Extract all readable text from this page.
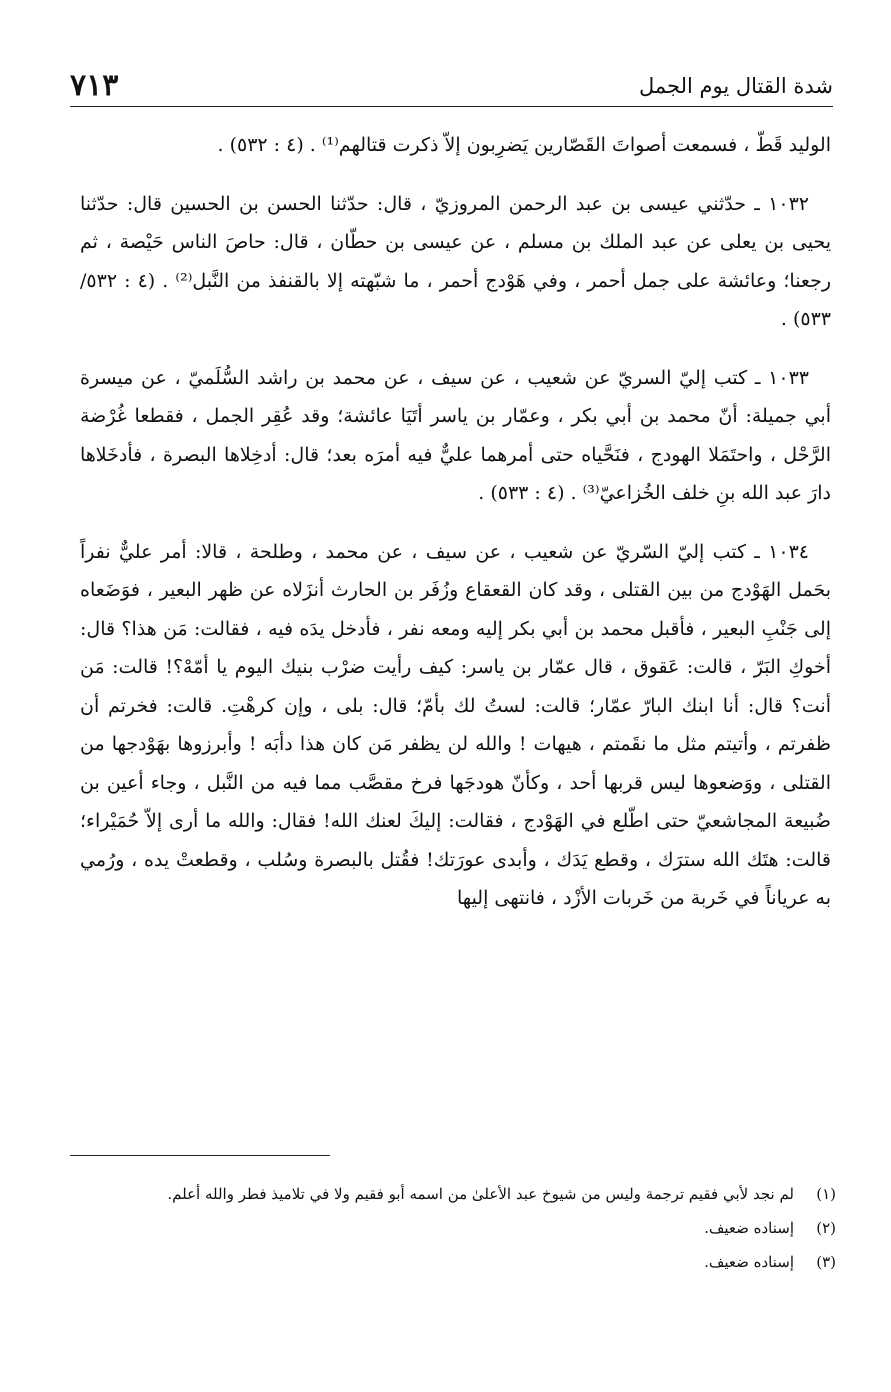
شدة القتال يوم الجمل
٧١٣

الوليد قَطّ ، فسمعت أصواتَ القَصّارين يَضرِبون إلاّ ذكرت قتالهم⁽¹⁾ . (٤ : ٥٣٢) .

١٠٣٢ ـ حدّثني عيسى بن عبد الرحمن المروزيّ ، قال: حدّثنا الحسن بن الحسين قال: حدّثنا يحيى بن يعلى عن عبد الملك بن مسلم ، عن عيسى بن حطّان ، قال: حاصَ الناس حَيْصة ، ثم رجعنا؛ وعائشة على جمل أحمر ، وفي هَوْدج أحمر ، ما شبّهته إلا بالقنفذ من النَّبل⁽²⁾ . (٤ : ٥٣٢/ ٥٣٣) .

١٠٣٣ ـ كتب إليّ السريّ عن شعيب ، عن سيف ، عن محمد بن راشد السُّلَميّ ، عن ميسرة أبي جميلة: أنّ محمد بن أبي بكر ، وعمّار بن ياسر أتَيَا عائشة؛ وقد عُقِر الجمل ، فقطعا غُرْضة الرَّحْل ، واحتَمَلا الهودج ، فنَحَّياه حتى أمرهما عليٌّ فيه أمرَه بعد؛ قال: أدخِلاها البصرة ، فأدخَلاها دارَ عبد الله بنِ خلف الخُزاعيّ⁽³⁾ . (٤ : ٥٣٣) .

١٠٣٤ ـ كتب إليّ السّريّ عن شعيب ، عن سيف ، عن محمد ، وطلحة ، قالا: أمر عليٌّ نفراً بحَمل الهَوْدج من بين القتلى ، وقد كان القعقاع وزُفَر بن الحارث أنزَلاه عن ظهر البعير ، فوَضَعاه إلى جَنْبِ البعير ، فأقبل محمد بن أبي بكر إليه ومعه نفر ، فأدخل يدَه فيه ، فقالت: مَن هذا؟ قال: أخوكِ البَرّ ، قالت: عَقوق ، قال عمّار بن ياسر: كيف رأيت ضرْب بنيك اليوم يا أمّهْ؟! قالت: مَن أنت؟ قال: أنا ابنك البارّ عمّار؛ قالت: لستُ لك بأمّ؛ قال: بلى ، وإن كرهْتِ. قالت: فخرتم أن ظفرتم ، وأتيتم مثل ما نقَمتم ، هيهات ! والله لن يظفر مَن كان هذا دأبَه ! وأبرزوها بهَوْدجها من القتلى ، ووَضعوها ليس قربها أحد ، وكأنّ هودجَها فرخ مقصَّب مما فيه من النَّبل ، وجاء أعين بن ضُبيعة المجاشعيّ حتى اطّلع في الهَوْدج ، فقالت: إليكَ لعنك الله! فقال: والله ما أرى إلاّ حُمَيْراء؛ قالت: هتَك الله سترَك ، وقطع يَدَك ، وأبدى عورَتك! فقُتل بالبصرة وسُلب ، وقطعتْ يده ، ورُمي به عرياناً في خَربة من خَربات الأزْد ، فانتهى إليها

(١)
لم نجد لأبي فقيم ترجمة وليس من شيوخ عبد الأعلىٰ من اسمه أبو فقيم ولا في تلاميذ فطر والله أعلم.
(٢)
إسناده ضعيف.
(٣)
إسناده ضعيف.
